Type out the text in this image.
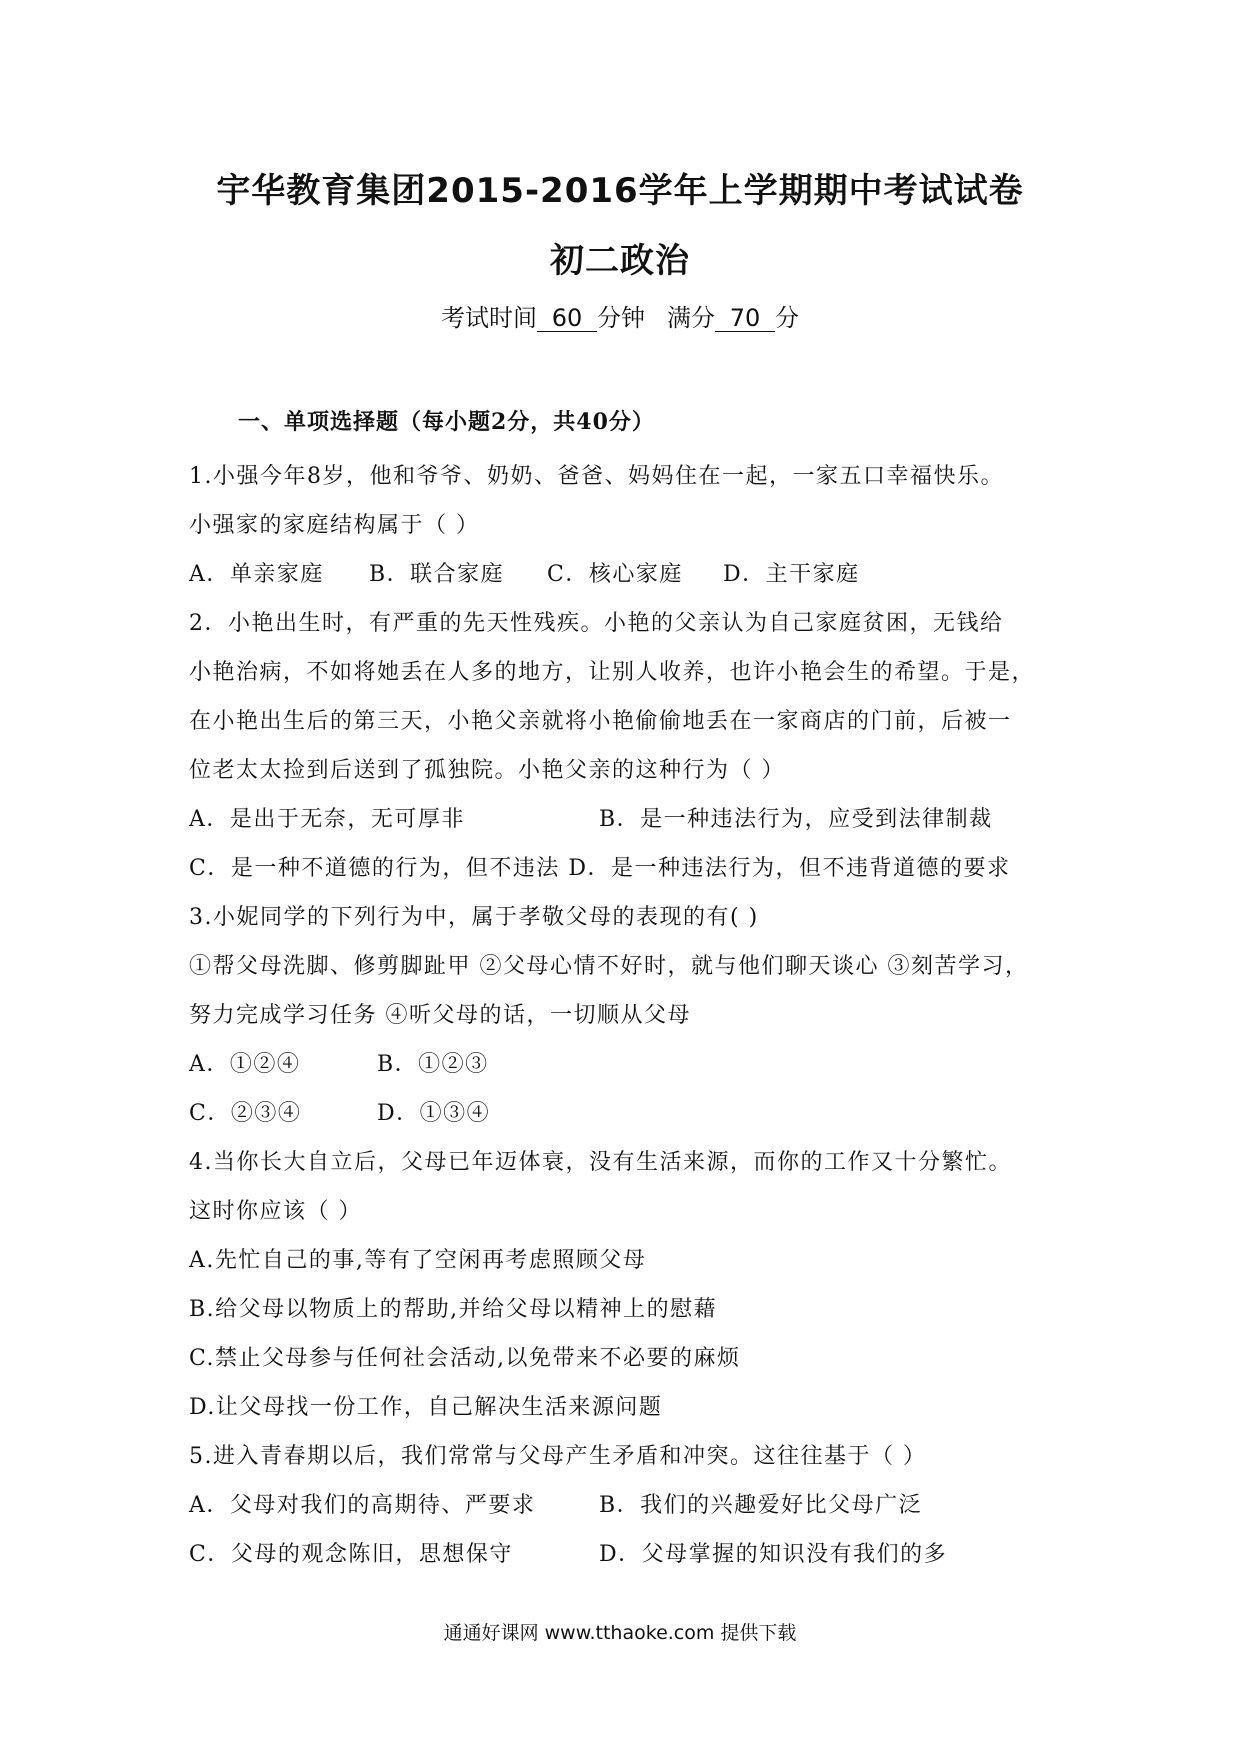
宇华教育集团2015-2016学年上学期期中考试试卷
初二政治
考试时间 60 分钟 满分 70 分
一、单项选择题（每小题2分，共40分）
1.小强今年8岁，他和爷爷、奶奶、爸爸、妈妈住在一起，一家五口幸福快乐。
小强家的家庭结构属于（ ）
A．单亲家庭 B．联合家庭 C．核心家庭 D．主干家庭
2．小艳出生时，有严重的先天性残疾。小艳的父亲认为自己家庭贫困，无钱给
小艳治病，不如将她丢在人多的地方，让别人收养，也许小艳会生的希望。于是，
在小艳出生后的第三天，小艳父亲就将小艳偷偷地丢在一家商店的门前，后被一
位老太太捡到后送到了孤独院。小艳父亲的这种行为（ ）
A．是出于无奈，无可厚非	B．是一种违法行为，应受到法律制裁
C．是一种不道德的行为，但不违法 D．是一种违法行为，但不违背道德的要求
3.小妮同学的下列行为中，属于孝敬父母的表现的有( )
①帮父母洗脚、修剪脚趾甲 ②父母心情不好时，就与他们聊天谈心 ③刻苦学习，
努力完成学习任务 ④听父母的话，一切顺从父母
A．①②④	B．①②③
C．②③④	D．①③④
4.当你长大自立后，父母已年迈体衰，没有生活来源，而你的工作又十分繁忙。
这时你应该（ ）
A.先忙自己的事,等有了空闲再考虑照顾父母
B.给父母以物质上的帮助,并给父母以精神上的慰藉
C.禁止父母参与任何社会活动,以免带来不必要的麻烦
D.让父母找一份工作，自己解决生活来源问题
5.进入青春期以后，我们常常与父母产生矛盾和冲突。这往往基于（ ）
A．父母对我们的高期待、严要求	B．我们的兴趣爱好比父母广泛
C．父母的观念陈旧，思想保守	D．父母掌握的知识没有我们的多
通通好课网 www.tthaoke.com 提供下载
